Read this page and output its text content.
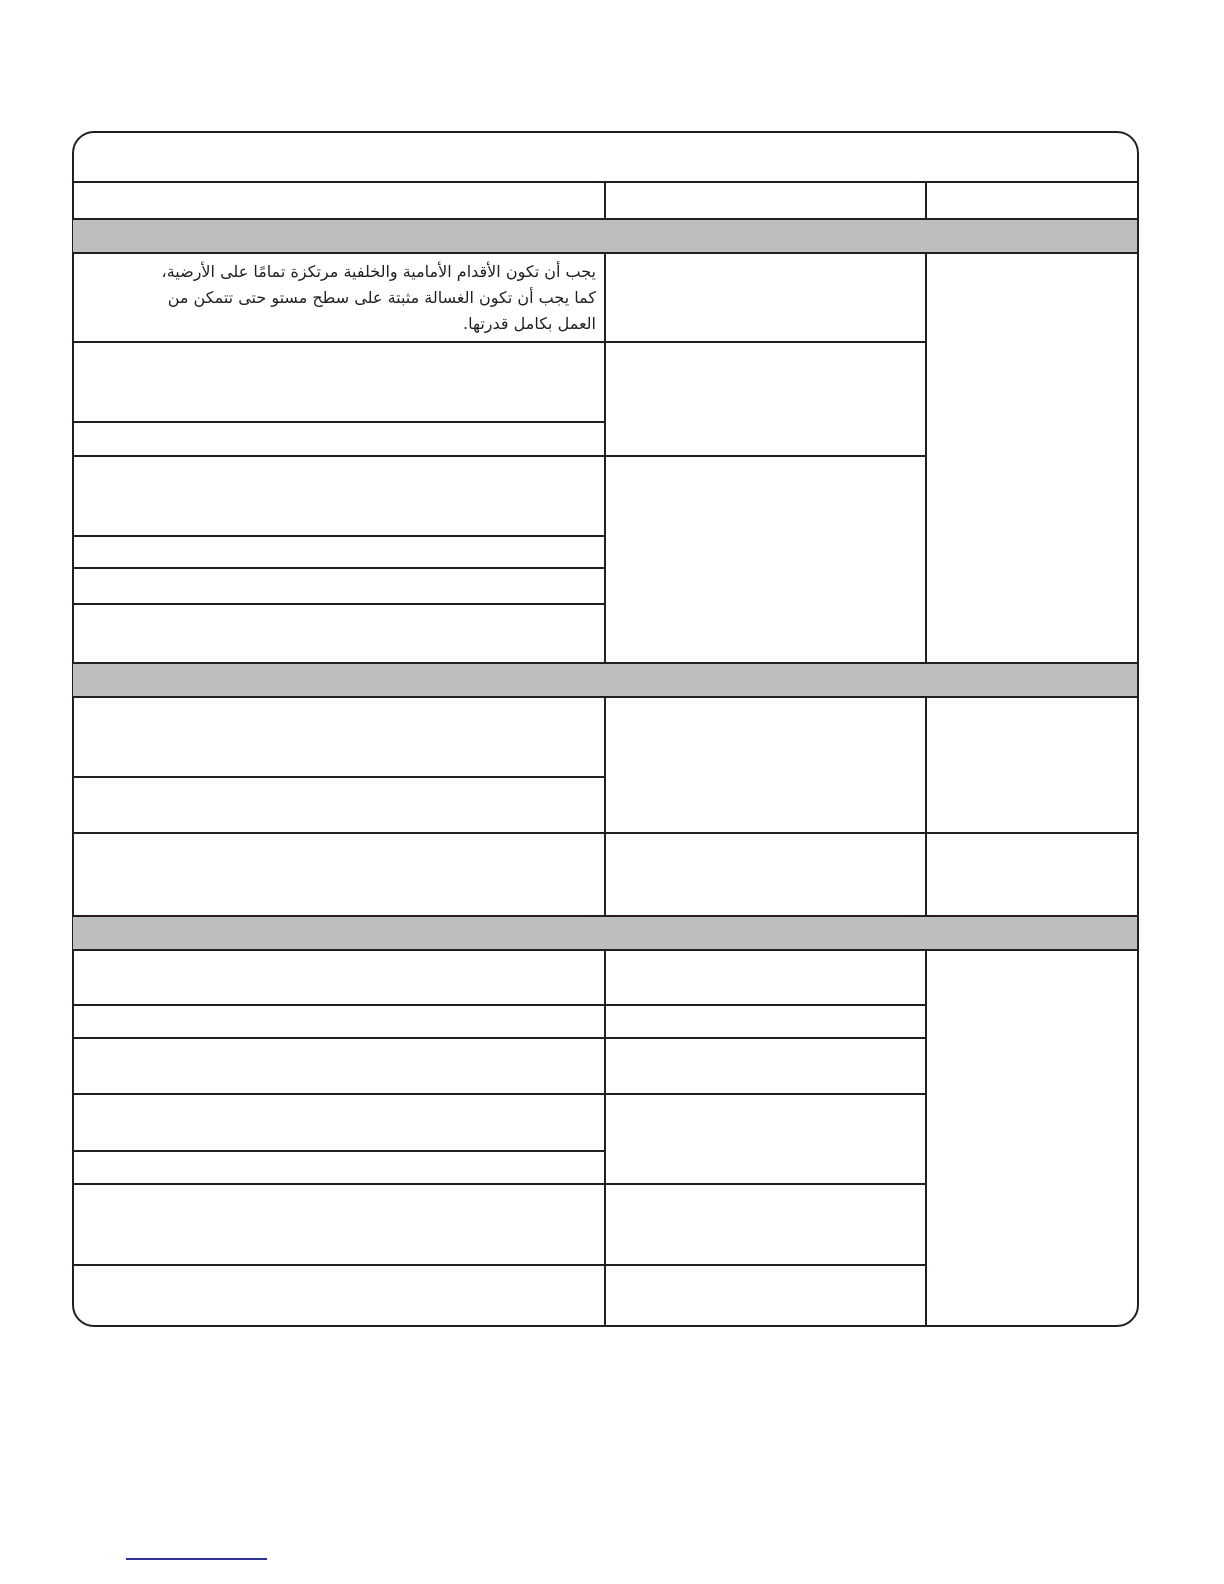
يجب أن تكون الأقدام الأمامية والخلفية مرتكزة تمامًا على الأرضية،
كما يجب أن تكون الغسالة مثبتة على سطح مستو حتى تتمكن من
العمل بكامل قدرتها.
